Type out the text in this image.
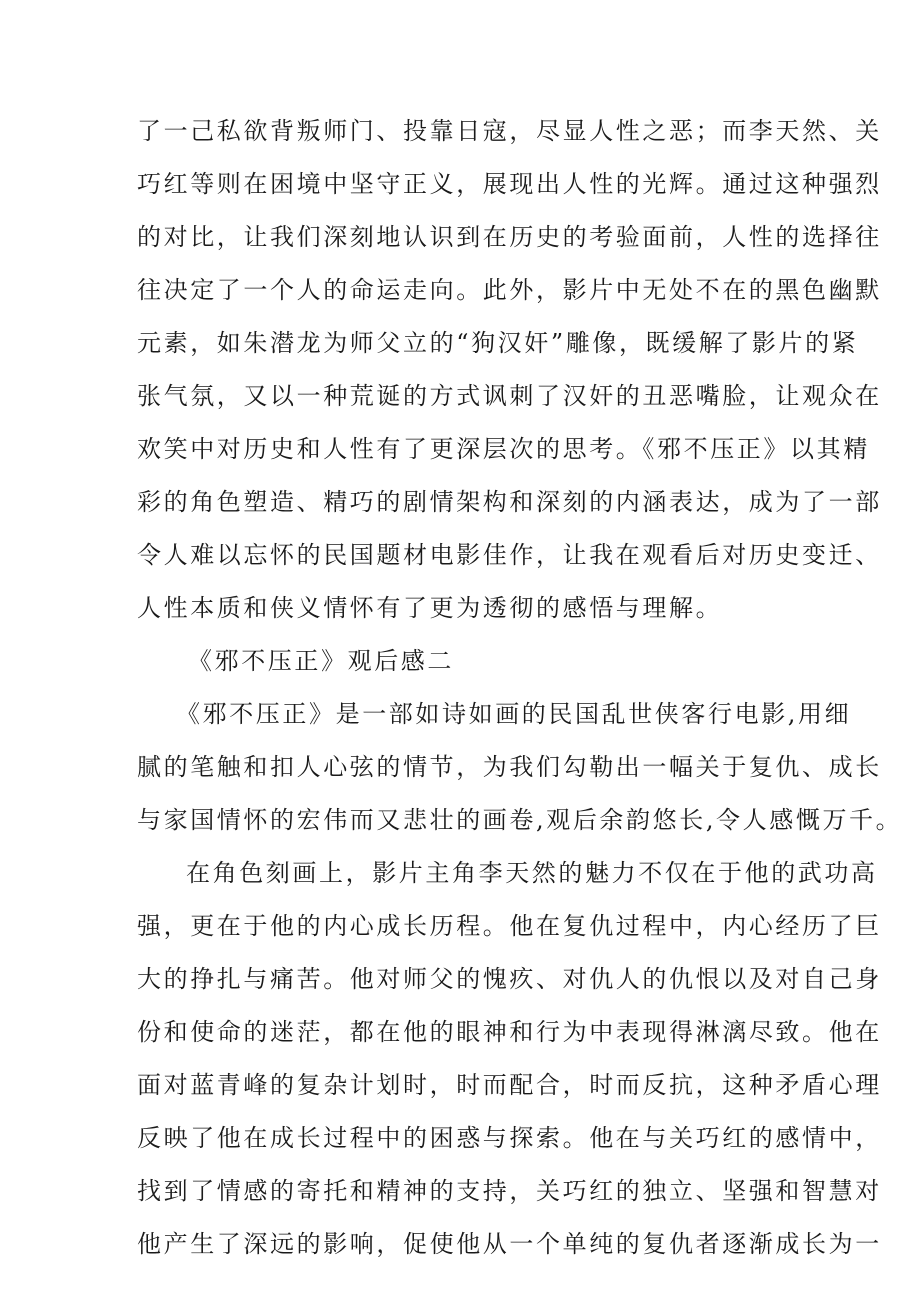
了一己私欲背叛师门、投靠日寇，尽显人性之恶；而李天然、关
巧红等则在困境中坚守正义，展现出人性的光辉。通过这种强烈
的对比，让我们深刻地认识到在历史的考验面前，人性的选择往
往决定了一个人的命运走向。此外，影片中无处不在的黑色幽默
元素，如朱潜龙为师父立的“狗汉奸”雕像，既缓解了影片的紧
张气氛，又以一种荒诞的方式讽刺了汉奸的丑恶嘴脸，让观众在
欢笑中对历史和人性有了更深层次的思考。《邪不压正》以其精
彩的角色塑造、精巧的剧情架构和深刻的内涵表达，成为了一部
令人难以忘怀的民国题材电影佳作，让我在观看后对历史变迁、
人性本质和侠义情怀有了更为透彻的感悟与理解。
《邪不压正》观后感二
《邪不压正》是一部如诗如画的民国乱世侠客行电影,用细
腻的笔触和扣人心弦的情节，为我们勾勒出一幅关于复仇、成长
与家国情怀的宏伟而又悲壮的画卷,观后余韵悠长,令人感慨万千。
在角色刻画上，影片主角李天然的魅力不仅在于他的武功高
强，更在于他的内心成长历程。他在复仇过程中，内心经历了巨
大的挣扎与痛苦。他对师父的愧疚、对仇人的仇恨以及对自己身
份和使命的迷茫，都在他的眼神和行为中表现得淋漓尽致。他在
面对蓝青峰的复杂计划时，时而配合，时而反抗，这种矛盾心理
反映了他在成长过程中的困惑与探索。他在与关巧红的感情中，
找到了情感的寄托和精神的支持，关巧红的独立、坚强和智慧对
他产生了深远的影响，促使他从一个单纯的复仇者逐渐成长为一
